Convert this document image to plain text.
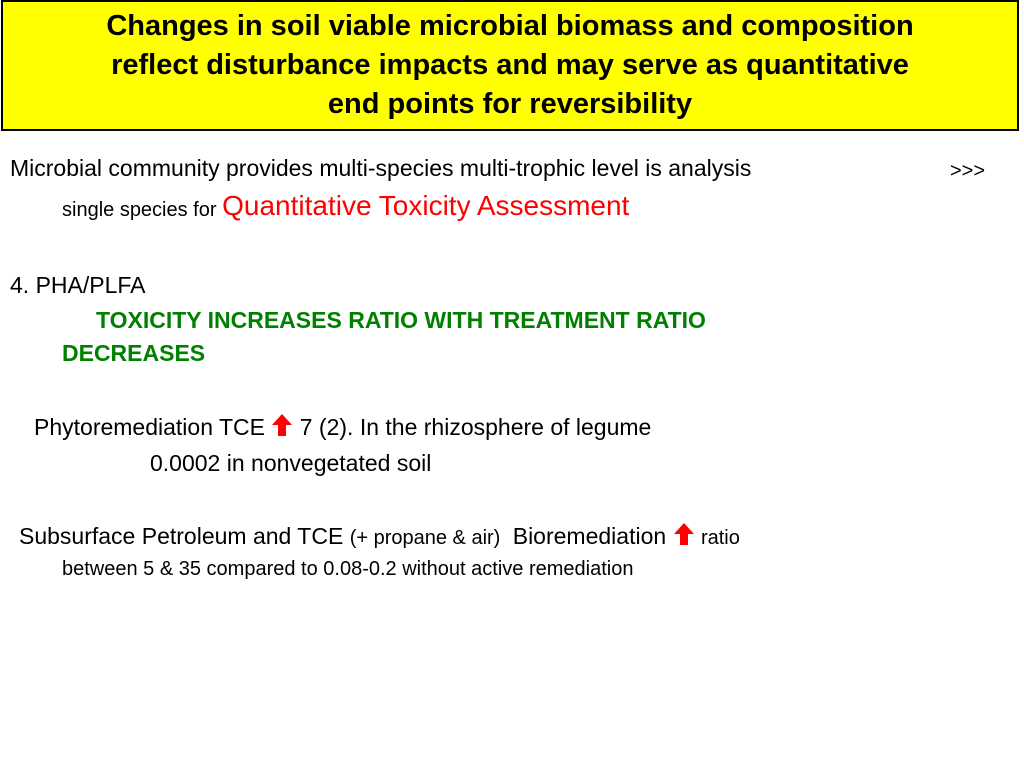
Changes in soil viable microbial biomass and composition
reflect disturbance impacts and may serve as quantitative
end points for reversibility
Microbial community provides multi-species multi-trophic level is analysis	>>>
single species for Quantitative Toxicity Assessment
4. PHA/PLFA
TOXICITY INCREASES RATIO WITH TREATMENT RATIO
DECREASES
Phytoremediation TCE 7 (2). In the rhizosphere of legume
0.0002 in nonvegetated soil
Subsurface Petroleum and TCE (+ propane & air) Bioremediation ratio
between 5 & 35 compared to 0.08-0.2 without active remediation
